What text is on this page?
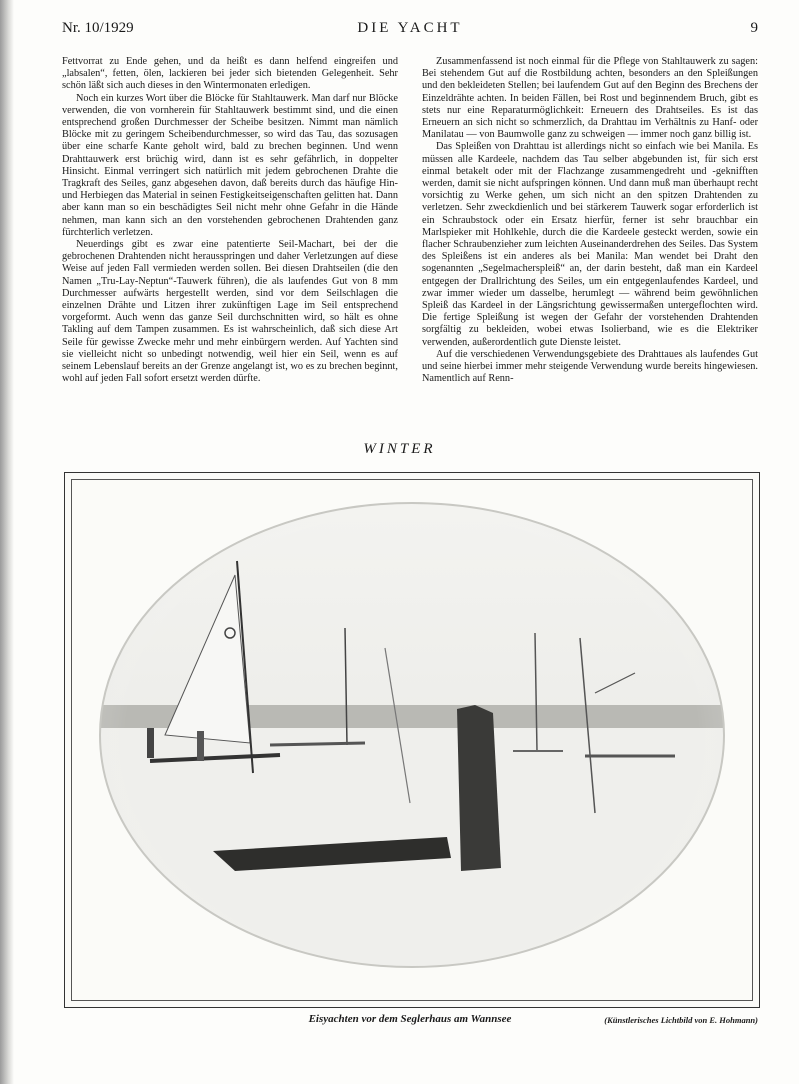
Nr. 10/1929	DIE YACHT	9

Fettvorrat zu Ende gehen, und da heißt es dann helfend eingreifen und „labsalen“, fetten, ölen, lackieren bei jeder sich bietenden Gelegenheit. Sehr schön läßt sich auch dieses in den Wintermonaten erledigen.

Noch ein kurzes Wort über die Blöcke für Stahltauwerk. Man darf nur Blöcke verwenden, die von vornherein für Stahltauwerk bestimmt sind, und die einen entsprechend großen Durchmesser der Scheibe besitzen. Nimmt man nämlich Blöcke mit zu geringem Scheibendurchmesser, so wird das Tau, das sozusagen über eine scharfe Kante geholt wird, bald zu brechen beginnen. Und wenn Drahttauwerk erst brüchig wird, dann ist es sehr gefährlich, in doppelter Hinsicht. Einmal verringert sich natürlich mit jedem gebrochenen Drahte die Tragkraft des Seiles, ganz abgesehen davon, daß bereits durch das häufige Hin- und Herbiegen das Material in seinen Festigkeitseigenschaften gelitten hat. Dann aber kann man so ein beschädigtes Seil nicht mehr ohne Gefahr in die Hände nehmen, man kann sich an den vorstehenden gebrochenen Drahtenden ganz fürchterlich verletzen.

Neuerdings gibt es zwar eine patentierte Seil-Machart, bei der die gebrochenen Drahtenden nicht herausspringen und daher Verletzungen auf diese Weise auf jeden Fall vermieden werden sollen. Bei diesen Drahtseilen (die den Namen „Tru-Lay-Neptun“-Tauwerk führen), die als laufendes Gut von 8 mm Durchmesser aufwärts hergestellt werden, sind vor dem Seilschlagen die einzelnen Drähte und Litzen ihrer zukünftigen Lage im Seil entsprechend vorgeformt. Auch wenn das ganze Seil durchschnitten wird, so hält es ohne Takling auf dem Tampen zusammen. Es ist wahrscheinlich, daß sich diese Art Seile für gewisse Zwecke mehr und mehr einbürgern werden. Auf Yachten sind sie vielleicht nicht so unbedingt notwendig, weil hier ein Seil, wenn es auf seinem Lebenslauf bereits an der Grenze angelangt ist, wo es zu brechen beginnt, wohl auf jeden Fall sofort ersetzt werden dürfte.

Zusammenfassend ist noch einmal für die Pflege von Stahltauwerk zu sagen: Bei stehendem Gut auf die Rostbildung achten, besonders an den Spleißungen und den bekleideten Stellen; bei laufendem Gut auf den Beginn des Brechens der Einzeldrähte achten. In beiden Fällen, bei Rost und beginnendem Bruch, gibt es stets nur eine Reparaturmöglichkeit: Erneuern des Drahtseiles. Es ist das Erneuern an sich nicht so schmerzlich, da Drahttau im Verhältnis zu Hanf- oder Manilatau — von Baumwolle ganz zu schweigen — immer noch ganz billig ist.

Das Spleißen von Drahttau ist allerdings nicht so einfach wie bei Manila. Es müssen alle Kardeele, nachdem das Tau selber abgebunden ist, für sich erst einmal betakelt oder mit der Flachzange zusammengedreht und -geknifften werden, damit sie nicht aufspringen können. Und dann muß man überhaupt recht vorsichtig zu Werke gehen, um sich nicht an den spitzen Drahtenden zu verletzen. Sehr zweckdienlich und bei stärkerem Tauwerk sogar erforderlich ist ein Schraubstock oder ein Ersatz hierfür, ferner ist sehr brauchbar ein Marlspieker mit Hohlkehle, durch die die Kardeele gesteckt werden, sowie ein flacher Schraubenzieher zum leichten Auseinanderdrehen des Seiles. Das System des Spleißens ist ein anderes als bei Manila: Man wendet bei Draht den sogenannten „Segelmacherspleiß“ an, der darin besteht, daß man ein Kardeel entgegen der Drallrichtung des Seiles, um ein entgegenlaufendes Kardeel, und zwar immer wieder um dasselbe, herumlegt — während beim gewöhnlichen Spleiß das Kardeel in der Längsrichtung gewissermaßen untergeflochten wird. Die fertige Spleißung ist wegen der Gefahr der vorstehenden Drahtenden sorgfältig zu bekleiden, wobei etwas Isolierband, wie es die Elektriker verwenden, außerordentlich gute Dienste leistet.

Auf die verschiedenen Verwendungsgebiete des Drahttaues als laufendes Gut und seine hierbei immer mehr steigende Verwendung wurde bereits hingewiesen. Namentlich auf Renn-

WINTER
Eisyachten vor dem Seglerhaus am Wannsee	(Künstlerisches Lichtbild von E. Hohmann)
